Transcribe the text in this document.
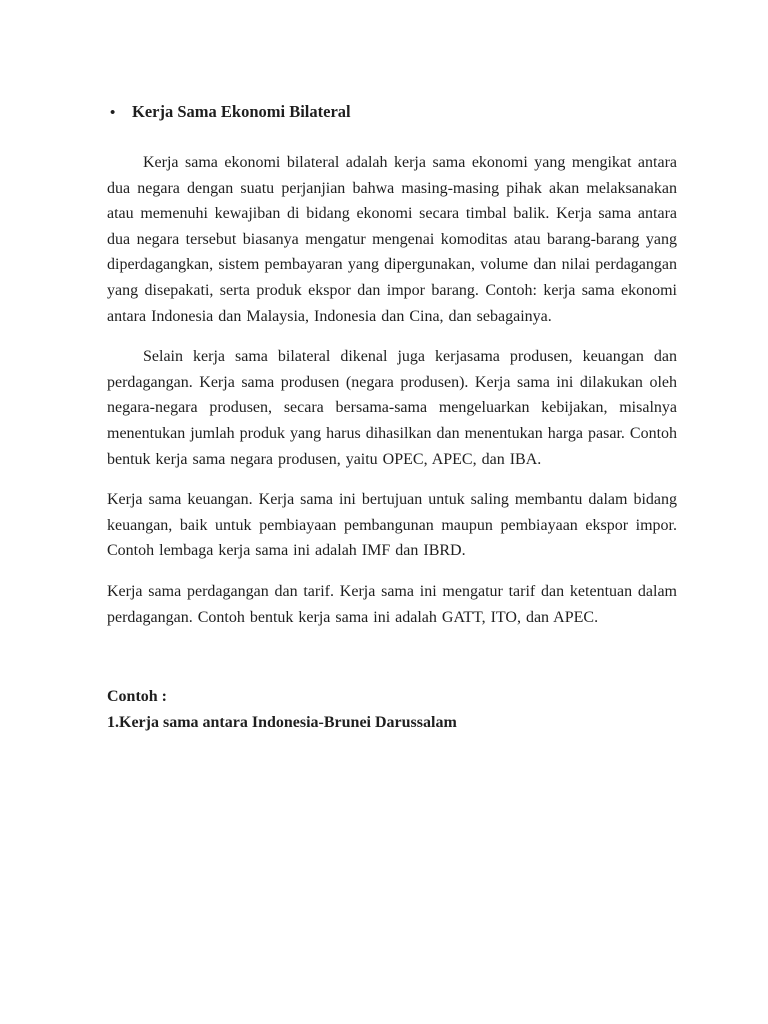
•	Kerja Sama Ekonomi Bilateral

Kerja sama ekonomi bilateral adalah kerja sama ekonomi yang mengikat antara dua negara dengan suatu perjanjian bahwa masing-masing pihak akan melaksanakan atau memenuhi kewajiban di bidang ekonomi secara timbal balik. Kerja sama antara dua negara tersebut biasanya mengatur mengenai komoditas atau barang-barang yang diperdagangkan, sistem pembayaran yang dipergunakan, volume dan nilai perdagangan yang disepakati, serta produk ekspor dan impor barang. Contoh: kerja sama ekonomi antara Indonesia dan Malaysia, Indonesia dan Cina, dan sebagainya.

Selain kerja sama bilateral dikenal juga kerjasama produsen, keuangan dan perdagangan. Kerja sama produsen (negara produsen). Kerja sama ini dilakukan oleh negara-negara produsen, secara bersama-sama mengeluarkan kebijakan, misalnya menentukan jumlah produk yang harus dihasilkan dan menentukan harga pasar. Contoh bentuk kerja sama negara produsen, yaitu OPEC, APEC, dan IBA.

Kerja sama keuangan. Kerja sama ini bertujuan untuk saling membantu dalam bidang keuangan, baik untuk pembiayaan pembangunan maupun pembiayaan ekspor impor. Contoh lembaga kerja sama ini adalah IMF dan IBRD.

Kerja sama perdagangan dan tarif. Kerja sama ini mengatur tarif dan ketentuan dalam perdagangan. Contoh bentuk kerja sama ini adalah GATT, ITO, dan APEC.

Contoh :

1.Kerja sama antara Indonesia-Brunei Darussalam
